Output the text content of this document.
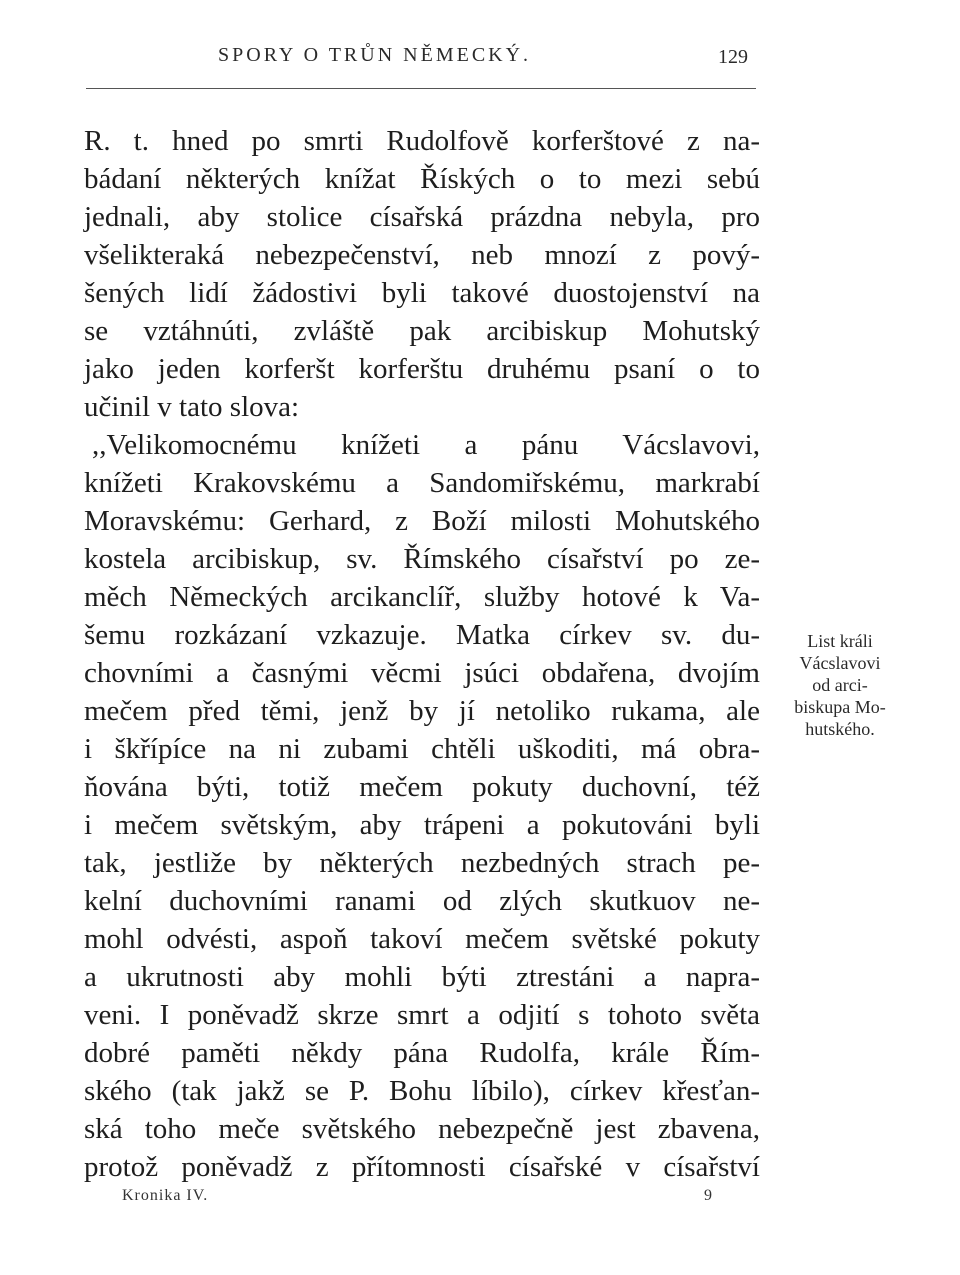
SPORY O TRŮN NĚMECKÝ.	129
R. t. hned po smrti Rudolfově korferštové z na-
bádaní některých knížat Říských o to mezi sebú
jednali, aby stolice císařská prázdna nebyla, pro
všelikteraká nebezpečenství, neb mnozí z pový-
šených lidí žádostivi byli takové duostojenství na
se vztáhnúti, zvláště pak arcibiskup Mohutský
jako jeden korferšt korferštu druhému psaní o to
učinil v tato slova:
,,Velikomocnému knížeti a pánu Vácslavovi,
knížeti Krakovskému a Sandomiřskému, markrabí
Moravskému: Gerhard, z Boží milosti Mohutského
kostela arcibiskup, sv. Římského císařství po ze-
měch Německých arcikanclíř, služby hotové k Va-
šemu rozkázaní vzkazuje. Matka církev sv. du-
chovními a časnými věcmi jsúci obdařena, dvojím
mečem před těmi, jenž by jí netoliko rukama, ale
i škřípíce na ni zubami chtěli uškoditi, má obra-
ňována býti, totiž mečem pokuty duchovní, též
i mečem světským, aby trápeni a pokutováni byli
tak, jestliže by některých nezbedných strach pe-
kelní duchovními ranami od zlých skutkuov ne-
mohl odvésti, aspoň takoví mečem světské pokuty
a ukrutnosti aby mohli býti ztrestáni a napra-
veni. I poněvadž skrze smrt a odjití s tohoto světa
dobré paměti někdy pána Rudolfa, krále Řím-
ského (tak jakž se P. Bohu líbilo), církev křesťan-
ská toho meče světského nebezpečně jest zbavena,
protož poněvadž z přítomnosti císařské v císařství
List králi
Vácslavovi
od arci-
biskupa Mo-
hutského.
Kronika IV.	9
